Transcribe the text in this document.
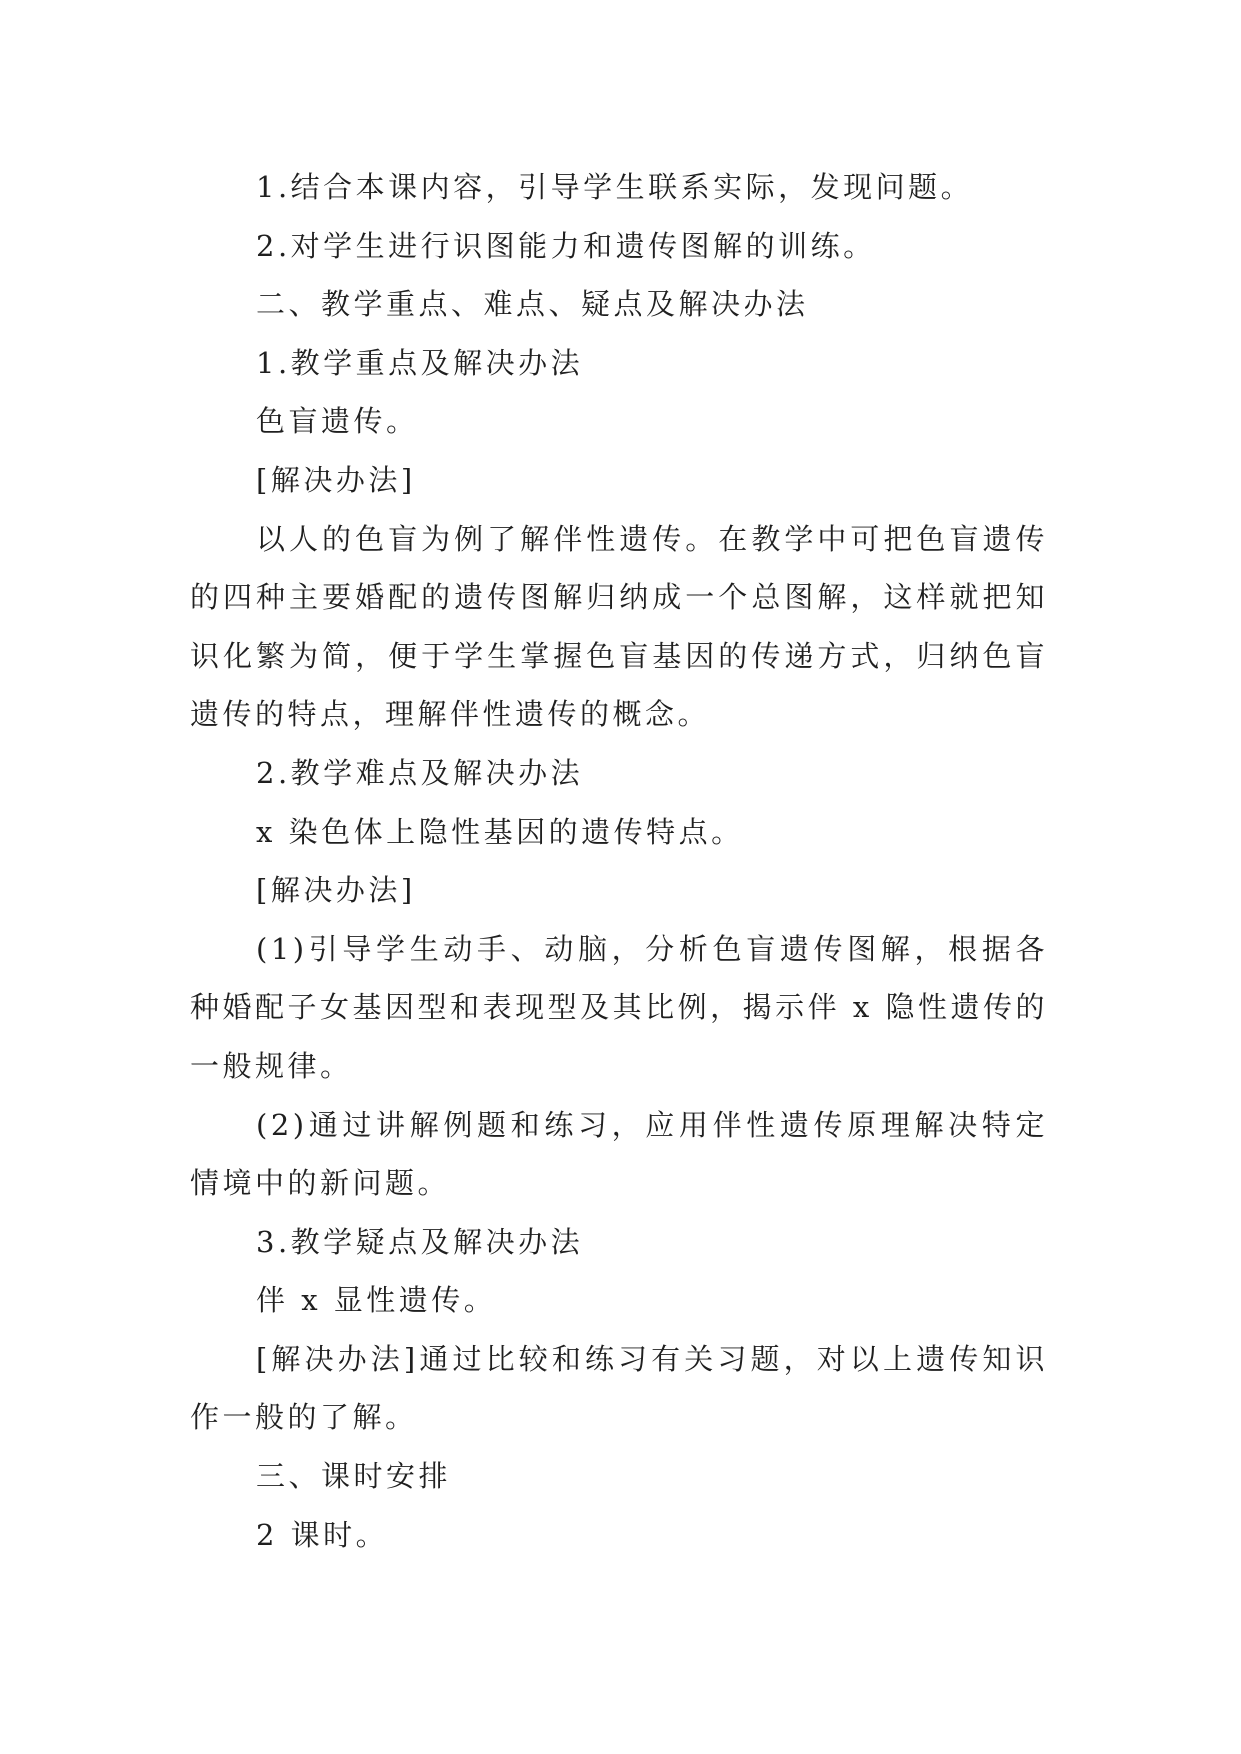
1.结合本课内容，引导学生联系实际，发现问题。

2.对学生进行识图能力和遗传图解的训练。

二、教学重点、难点、疑点及解决办法

1.教学重点及解决办法

色盲遗传。

[解决办法]

以人的色盲为例了解伴性遗传。在教学中可把色盲遗传的四种主要婚配的遗传图解归纳成一个总图解，这样就把知识化繁为简，便于学生掌握色盲基因的传递方式，归纳色盲遗传的特点，理解伴性遗传的概念。

2.教学难点及解决办法

x 染色体上隐性基因的遗传特点。

[解决办法]

(1)引导学生动手、动脑，分析色盲遗传图解，根据各种婚配子女基因型和表现型及其比例，揭示伴 x 隐性遗传的一般规律。

(2)通过讲解例题和练习，应用伴性遗传原理解决特定情境中的新问题。

3.教学疑点及解决办法

伴 x 显性遗传。

[解决办法]通过比较和练习有关习题，对以上遗传知识作一般的了解。

三、课时安排

2 课时。
